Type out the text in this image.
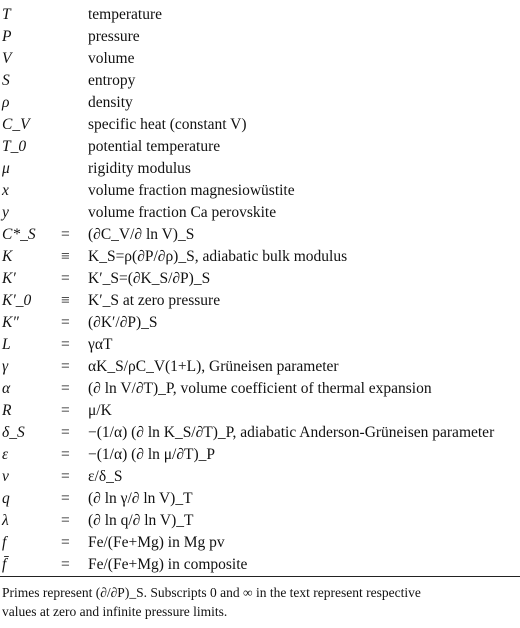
T	temperature
P	pressure
V	volume
S	entropy
ρ	density
C_V	specific heat (constant V)
T_0	potential temperature
μ	rigidity modulus
x	volume fraction magnesiowüstite
y	volume fraction Ca perovskite
C*_S = (∂C_V/∂ ln V)_S
K	≡ K_S=ρ(∂P/∂ρ)_S, adiabatic bulk modulus
K′	= K′_S=(∂K_S/∂P)_S
K′_0 ≡ K′_S at zero pressure
K″	= (∂K′/∂P)_S
L	= γαT
γ	= αK_S/ρC_V(1+L), Grüneisen parameter
α	= (∂ ln V/∂T)_P, volume coefficient of thermal expansion
R	= μ/K
δ_S = −(1/α) (∂ ln K_S/∂T)_P, adiabatic Anderson-Grüneisen parameter
ε	= −(1/α) (∂ ln μ/∂T)_P
ν	= ε/δ_S
q	= (∂ ln γ/∂ ln V)_T
λ	= (∂ ln q/∂ ln V)_T
f	= Fe/(Fe+Mg) in Mg pv
f̄	= Fe/(Fe+Mg) in composite
Primes represent (∂/∂P)_S. Subscripts 0 and ∞ in the text represent respective
values at zero and infinite pressure limits.
